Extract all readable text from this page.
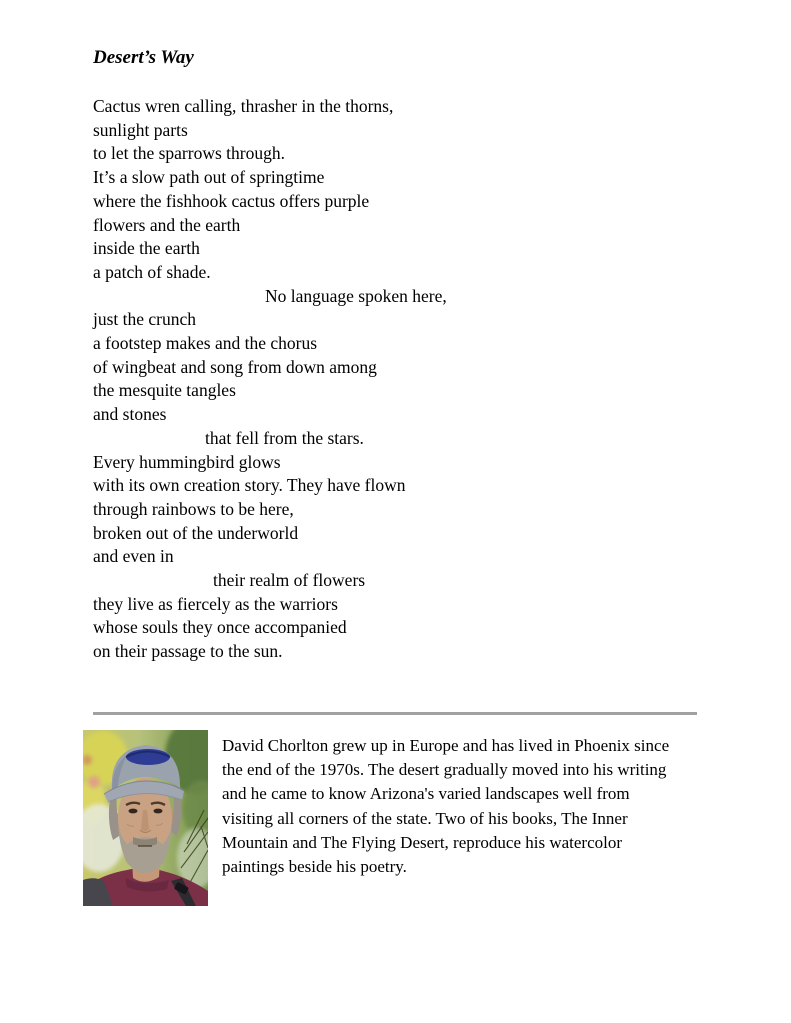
Desert’s Way
Cactus wren calling, thrasher in the thorns,
sunlight parts
to let the sparrows through.
It’s a slow path out of springtime
where the fishhook cactus offers purple
flowers and the earth
inside the earth
a patch of shade.
No language spoken here,
just the crunch
a footstep makes and the chorus
of wingbeat and song from down among
the mesquite tangles
and stones
that fell from the stars.
Every hummingbird glows
with its own creation story. They have flown
through rainbows to be here,
broken out of the underworld
and even in
their realm of flowers
they live as fiercely as the warriors
whose souls they once accompanied
on their passage to the sun.
David Chorlton grew up in Europe and has lived in Phoenix since
the end of the 1970s. The desert gradually moved into his writing
and he came to know Arizona's varied landscapes well from
visiting all corners of the state. Two of his books, The Inner
Mountain and The Flying Desert, reproduce his watercolor
paintings beside his poetry.
